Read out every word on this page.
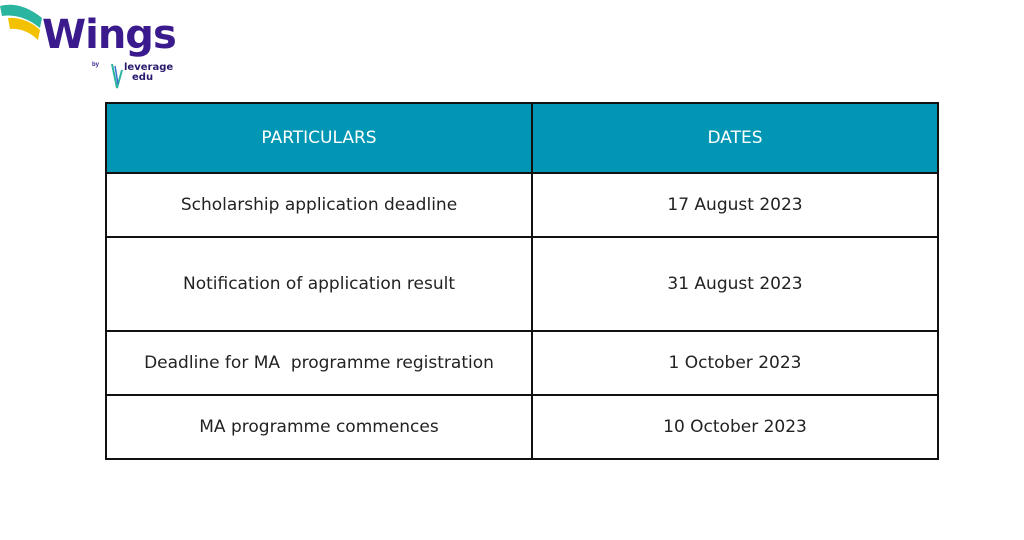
Wings
by leverage
edu
PARTICULARS	DATES
Scholarship application deadline	17 August 2023
Notification of application result	31 August 2023
Deadline for MA  programme registration	1 October 2023
MA programme commences	10 October 2023
